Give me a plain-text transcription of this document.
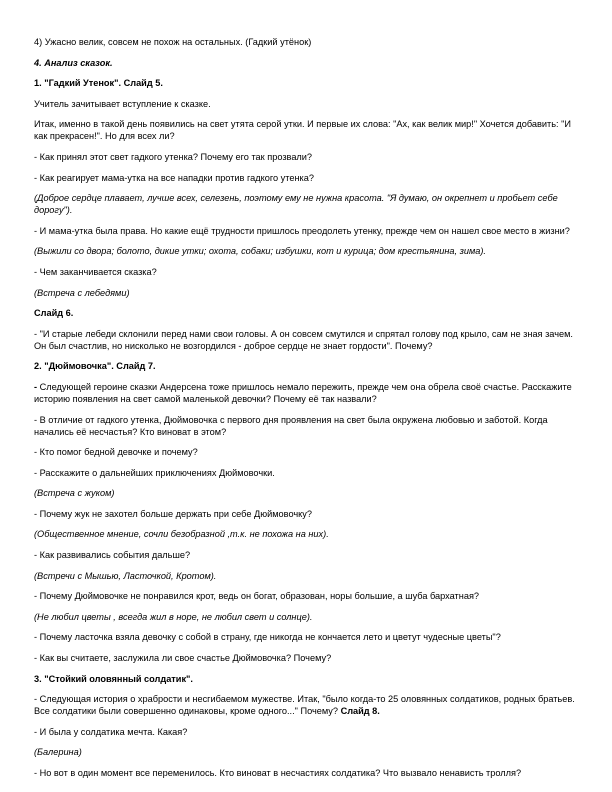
4) Ужасно велик, совсем не похож на остальных. (Гадкий утёнок)

4. Анализ сказок.

1. "Гадкий Утенок". Слайд 5.

Учитель зачитывает вступление к сказке.

Итак, именно в такой день появились на свет утята серой утки. И первые их слова: "Ах, как велик мир!" Хочется добавить: "И как прекрасен!". Но для всех ли?

- Как принял этот свет гадкого утенка? Почему его так прозвали?

- Как реагирует мама-утка на все нападки против гадкого утенка?

(Доброе сердце плавает, лучше всех, селезень, поэтому ему не нужна красота. "Я думаю, он окрепнет и пробьет себе дорогу").

- И мама-утка была права. Но какие ещё трудности пришлось преодолеть утенку, прежде чем он нашел свое место в жизни?

(Выжили со двора; болото, дикие утки; охота, собаки; избушки, кот и курица; дом крестьянина, зима).

- Чем заканчивается сказка?

(Встреча с лебедями)

Слайд 6.

- "И старые лебеди склонили перед нами свои головы. А он совсем смутился и спрятал голову под крыло, сам не зная зачем. Он был счастлив, но нисколько не возгордился - доброе сердце не знает гордости". Почему?

2. "Дюймовочка". Слайд 7.

- Следующей героине сказки Андерсена тоже пришлось немало пережить, прежде чем она обрела своё счастье. Расскажите историю появления на свет самой маленькой девочки? Почему её так назвали?

- В отличие от гадкого утенка, Дюймовочка с первого дня проявления на свет была окружена любовью и заботой. Когда начались её несчастья? Кто виноват в этом?

- Кто помог бедной девочке и почему?

- Расскажите о дальнейших приключениях Дюймовочки.

(Встреча с жуком)

- Почему жук не захотел больше держать при себе Дюймовочку?

(Общественное мнение, сочли безобразной ,т.к. не похожа на них).

- Как развивались события дальше?

(Встречи с Мышью, Ласточкой, Кротом).

- Почему Дюймовочке не понравился крот, ведь он богат, образован, норы большие, а шуба бархатная?

(Не любил цветы , всегда жил в норе, не любил свет и солнце).

- Почему ласточка взяла девочку с собой в страну, где никогда не кончается лето и цветут чудесные цветы"?

- Как вы считаете, заслужила ли свое счастье Дюймовочка? Почему?

3. "Стойкий оловянный солдатик".

- Следующая история о храбрости и несгибаемом мужестве. Итак, "было когда-то 25 оловянных солдатиков, родных братьев. Все солдатики были совершенно одинаковы, кроме одного..." Почему? Слайд 8.

- И была у солдатика мечта. Какая?

(Балерина)

- Но вот в один момент все переменилось. Кто виноват в несчастиях солдатика? Что вызвало ненависть тролля?
